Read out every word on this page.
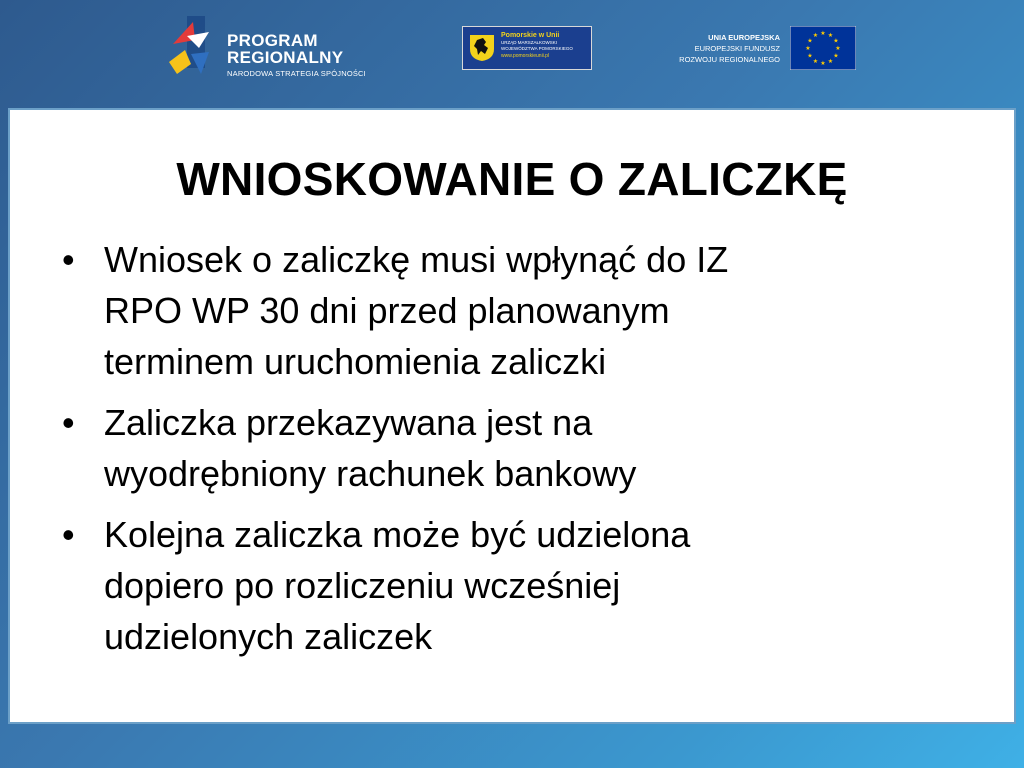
PROGRAM
REGIONALNY
NARODOWA STRATEGIA SPÓJNOŚCI
Pomorskie w Unii
URZĄD MARSZAŁKOWSKI
WOJEWÓDZTWA POMORSKIEGO
www.pomorskieunii.pl
UNIA EUROPEJSKA
EUROPEJSKI FUNDUSZ
ROZWOJU REGIONALNEGO
★ ★
★
★
★
★
★
★
★
★
★
★
WNIOSKOWANIE O ZALICZKĘ
• Wniosek o zaliczkę musi wpłynąć do IZ
RPO WP 30 dni przed planowanym
terminem uruchomienia zaliczki
• Zaliczka przekazywana jest na
wyodrębniony rachunek bankowy
• Kolejna zaliczka może być udzielona
dopiero po rozliczeniu wcześniej
udzielonych zaliczek
